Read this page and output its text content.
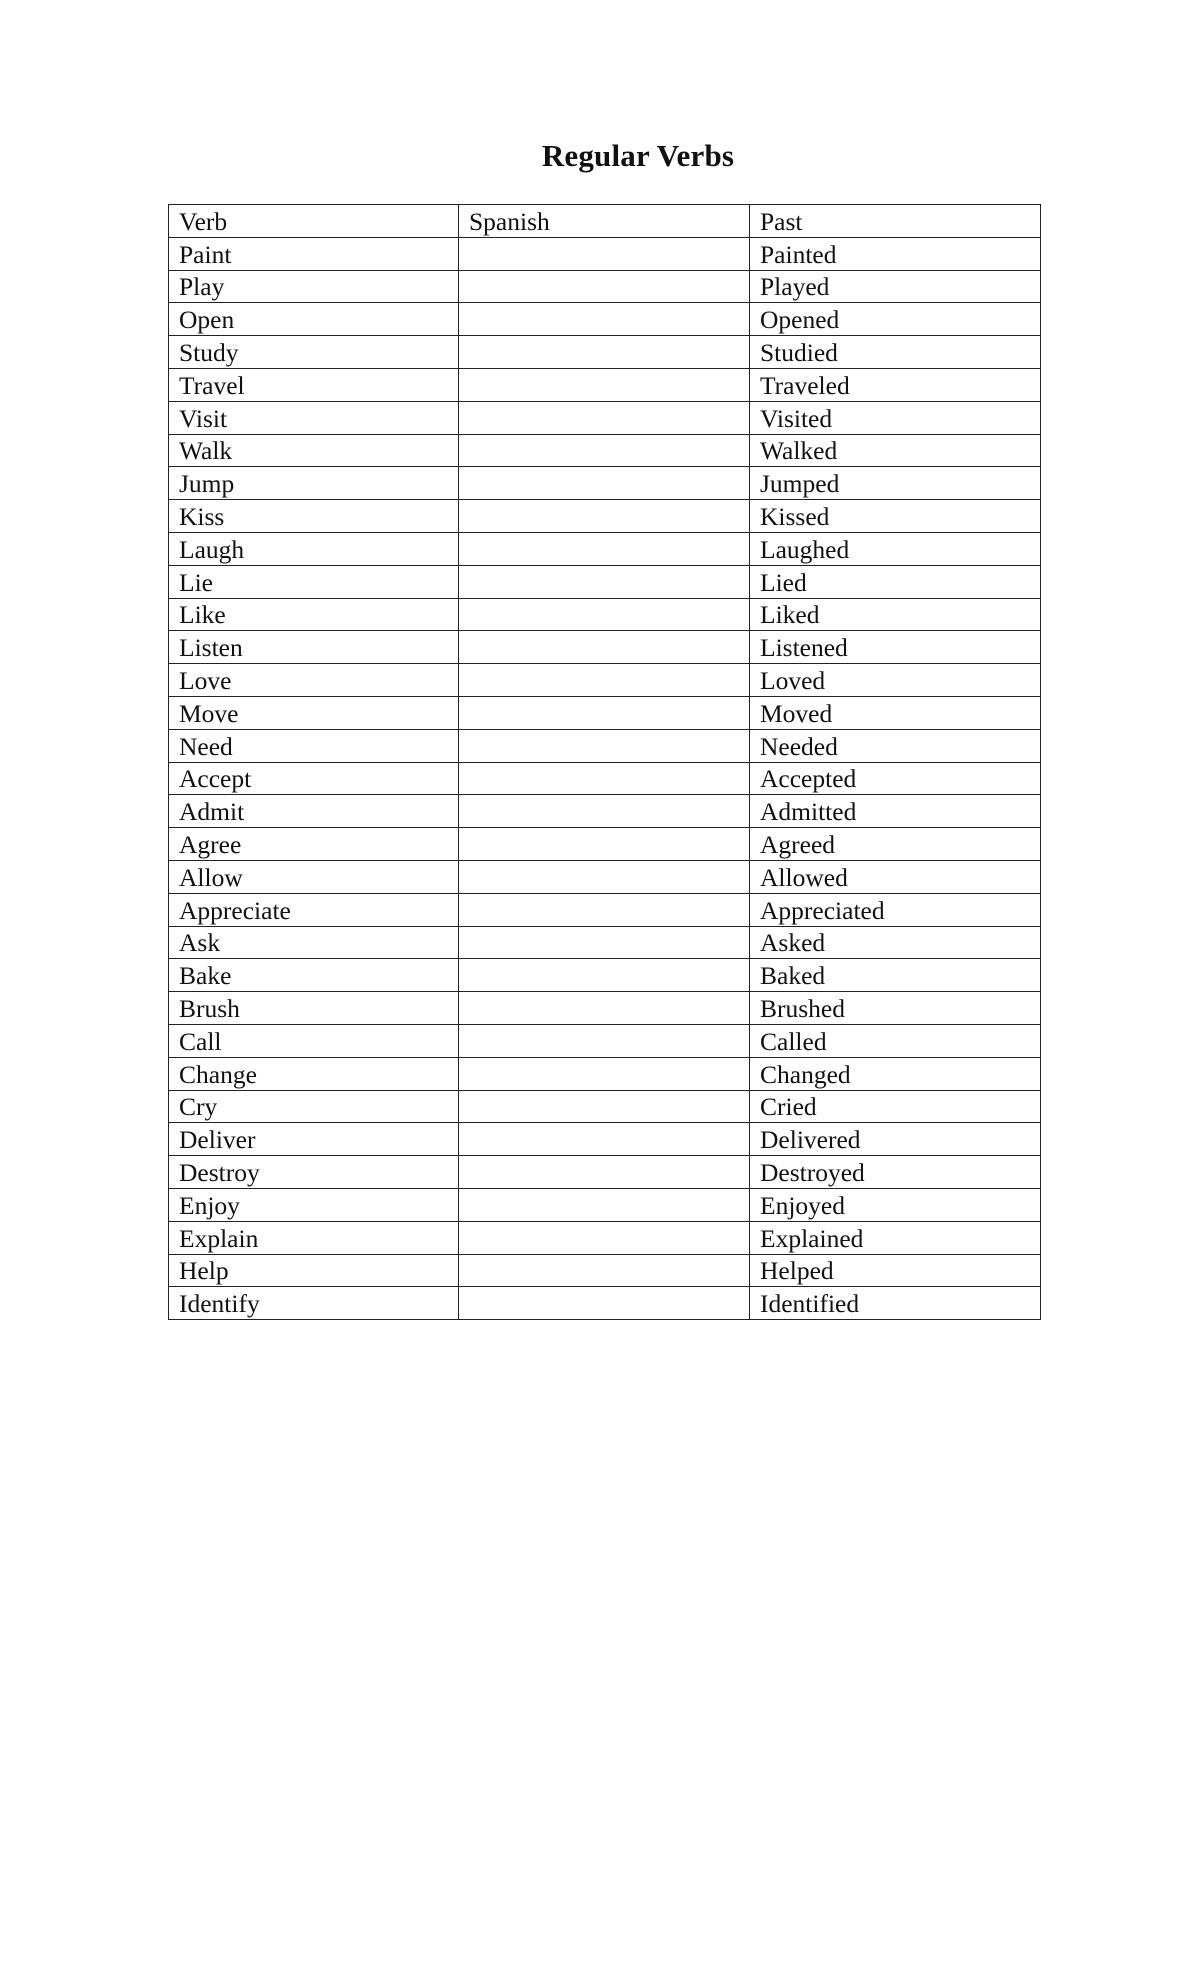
Regular Verbs
Verb	Spanish	Past
Paint		Painted
Play		Played
Open		Opened
Study		Studied
Travel		Traveled
Visit		Visited
Walk		Walked
Jump		Jumped
Kiss		Kissed
Laugh		Laughed
Lie		Lied
Like		Liked
Listen		Listened
Love		Loved
Move		Moved
Need		Needed
Accept		Accepted
Admit		Admitted
Agree		Agreed
Allow		Allowed
Appreciate		Appreciated
Ask		Asked
Bake		Baked
Brush		Brushed
Call		Called
Change		Changed
Cry		Cried
Deliver		Delivered
Destroy		Destroyed
Enjoy		Enjoyed
Explain		Explained
Help		Helped
Identify		Identified
